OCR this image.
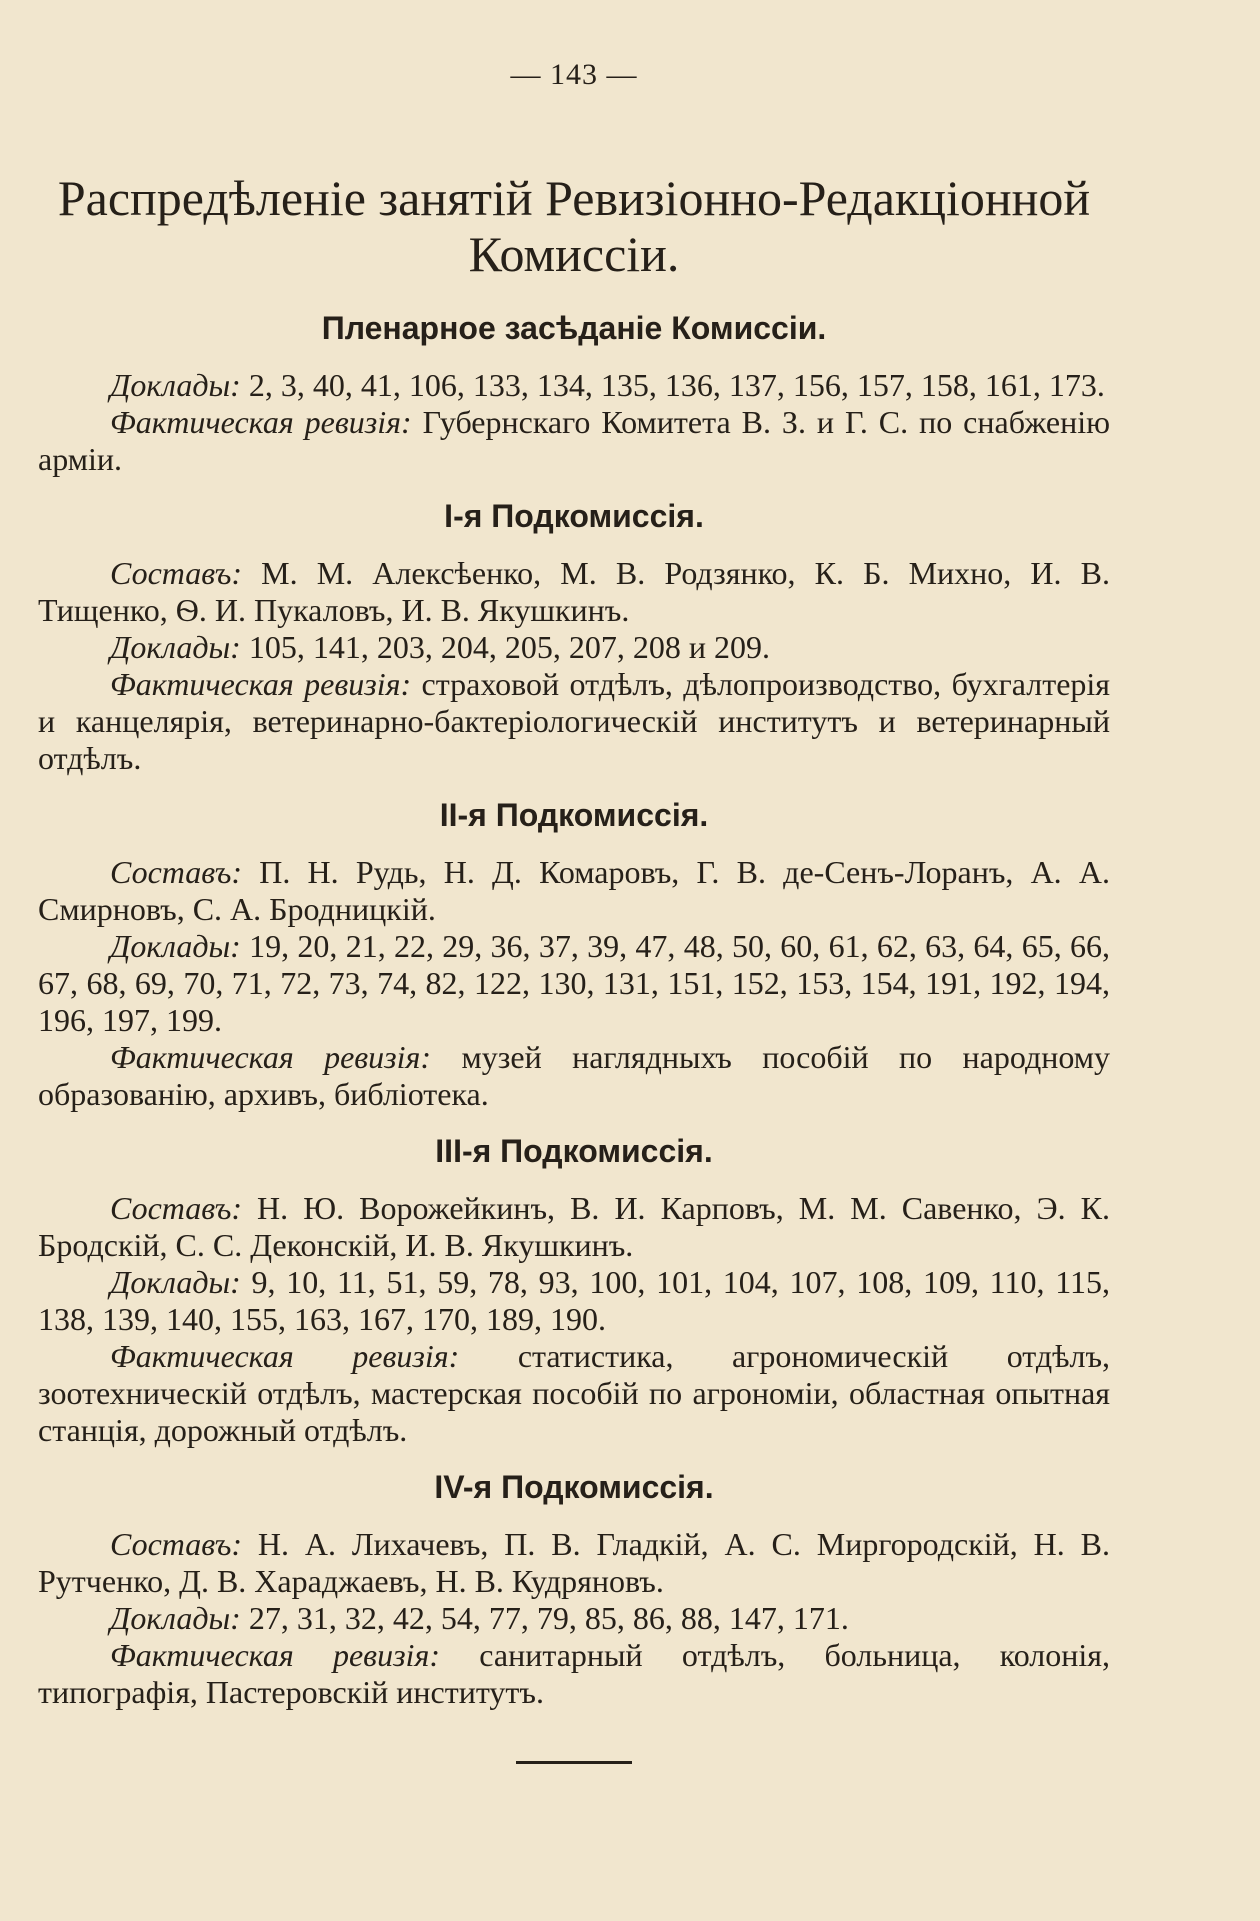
— 143 —
Распредѣленіе занятій Ревизіонно-Редакціонной Комиссіи.
Пленарное засѣданіе Комиссіи.

Доклады: 2, 3, 40, 41, 106, 133, 134, 135, 136, 137, 156, 157, 158, 161, 173.

Фактическая ревизія: Губернскаго Комитета В. З. и Г. С. по снабженію арміи.

I-я Подкомиссія.

Составъ: М. М. Алексѣенко, М. В. Родзянко, К. Б. Михно, И. В. Тищенко, Ѳ. И. Пукаловъ, И. В. Якушкинъ.

Доклады: 105, 141, 203, 204, 205, 207, 208 и 209.

Фактическая ревизія: страховой отдѣлъ, дѣлопроизводство, бухгалтерія и канцелярія, ветеринарно-бактеріологическій институтъ и ветеринарный отдѣлъ.

II-я Подкомиссія.

Составъ: П. Н. Рудь, Н. Д. Комаровъ, Г. В. де-Сенъ-Лоранъ, А. А. Смирновъ, С. А. Бродницкій.

Доклады: 19, 20, 21, 22, 29, 36, 37, 39, 47, 48, 50, 60, 61, 62, 63, 64, 65, 66, 67, 68, 69, 70, 71, 72, 73, 74, 82, 122, 130, 131, 151, 152, 153, 154, 191, 192, 194, 196, 197, 199.

Фактическая ревизія: музей наглядныхъ пособій по народному образованію, архивъ, библіотека.

III-я Подкомиссія.

Составъ: Н. Ю. Ворожейкинъ, В. И. Карповъ, М. М. Савенко, Э. К. Бродскій, С. С. Деконскій, И. В. Якушкинъ.

Доклады: 9, 10, 11, 51, 59, 78, 93, 100, 101, 104, 107, 108, 109, 110, 115, 138, 139, 140, 155, 163, 167, 170, 189, 190.

Фактическая ревизія: статистика, агрономическій отдѣлъ, зоотехническій отдѣлъ, мастерская пособій по агрономіи, областная опытная станція, дорожный отдѣлъ.

IV-я Подкомиссія.

Составъ: Н. А. Лихачевъ, П. В. Гладкій, А. С. Миргородскій, Н. В. Рутченко, Д. В. Хараджаевъ, Н. В. Кудряновъ.

Доклады: 27, 31, 32, 42, 54, 77, 79, 85, 86, 88, 147, 171.

Фактическая ревизія: санитарный отдѣлъ, больница, колонія, типографія, Пастеровскій институтъ.
